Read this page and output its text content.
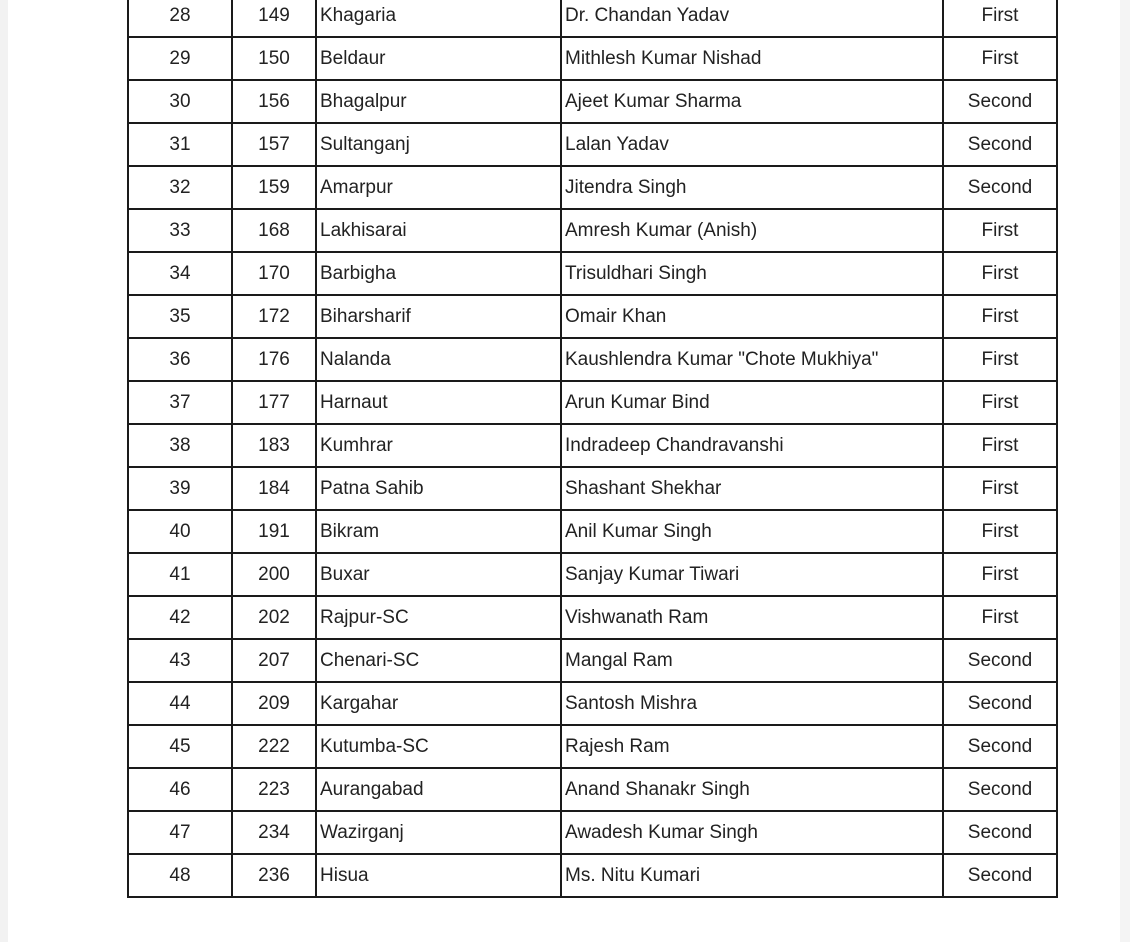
28	149	Khagaria	Dr. Chandan Yadav	First
29	150	Beldaur	Mithlesh Kumar Nishad	First
30	156	Bhagalpur	Ajeet Kumar Sharma	Second
31	157	Sultanganj	Lalan Yadav	Second
32	159	Amarpur	Jitendra Singh	Second
33	168	Lakhisarai	Amresh Kumar (Anish)	First
34	170	Barbigha	Trisuldhari Singh	First
35	172	Biharsharif	Omair Khan	First
36	176	Nalanda	Kaushlendra Kumar "Chote Mukhiya"	First
37	177	Harnaut	Arun Kumar Bind	First
38	183	Kumhrar	Indradeep Chandravanshi	First
39	184	Patna Sahib	Shashant Shekhar	First
40	191	Bikram	Anil Kumar Singh	First
41	200	Buxar	Sanjay Kumar Tiwari	First
42	202	Rajpur-SC	Vishwanath Ram	First
43	207	Chenari-SC	Mangal Ram	Second
44	209	Kargahar	Santosh Mishra	Second
45	222	Kutumba-SC	Rajesh Ram	Second
46	223	Aurangabad	Anand Shanakr Singh	Second
47	234	Wazirganj	Awadesh Kumar Singh	Second
48	236	Hisua	Ms. Nitu Kumari	Second
